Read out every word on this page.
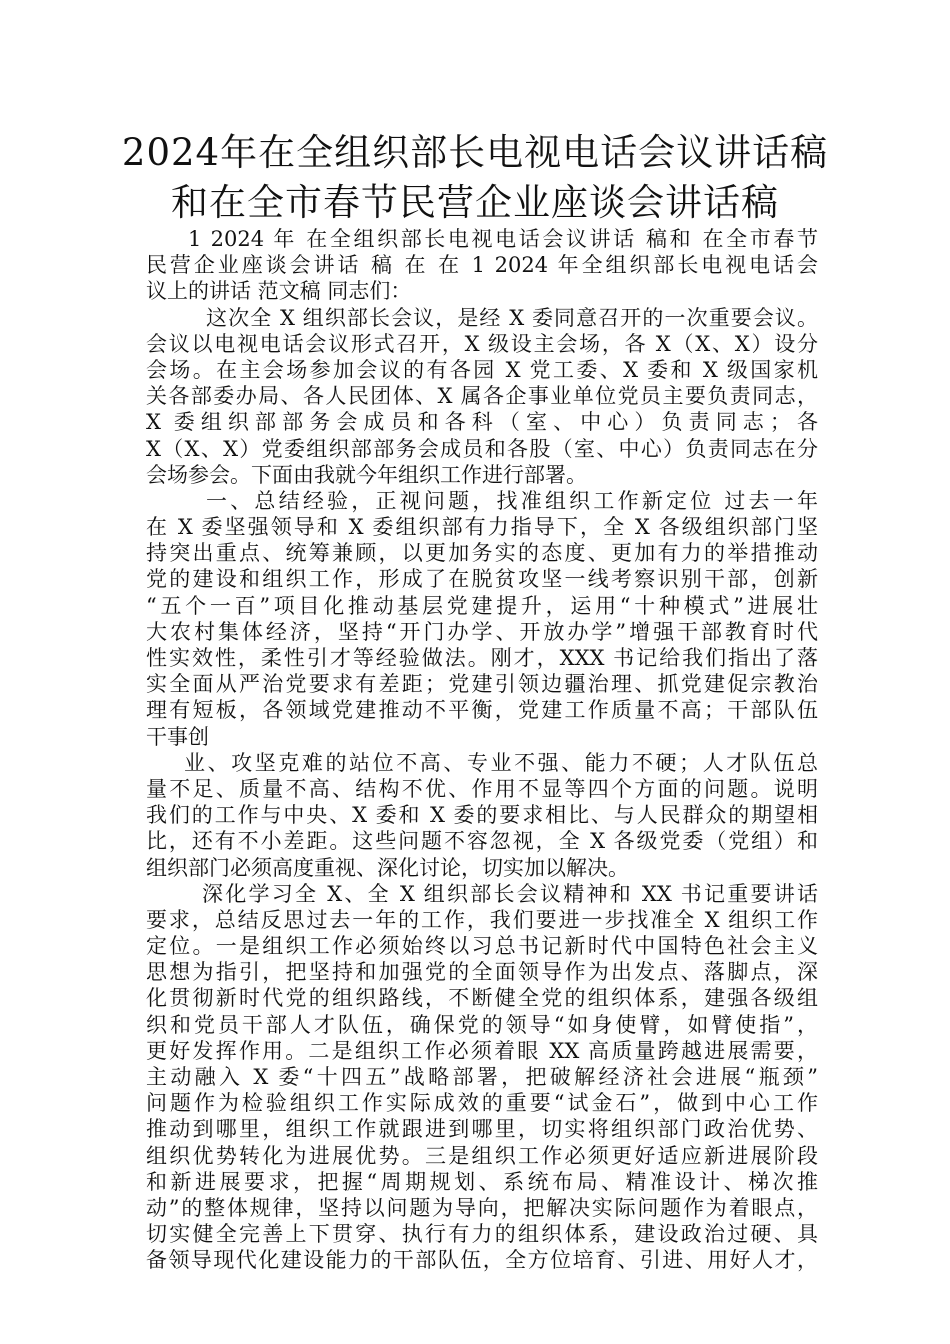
2024年在全组织部长电视电话会议讲话稿
和在全市春节民营企业座谈会讲话稿
1 2024 年 在全组织部长电视电话会议讲话 稿和 在全市春节
民营企业座谈会讲话 稿 在 在 1 2024 年全组织部长电视电话会
议上的讲话 范文稿 同志们：
这次全 X 组织部长会议，是经 X 委同意召开的一次重要会议。
会议以电视电话会议形式召开，X 级设主会场，各 X（X、X）设分
会场。在主会场参加会议的有各园 X 党工委、X 委和 X 级国家机
关各部委办局、各人民团体、X 属各企事业单位党员主要负责同志，
X 委组织部部务会成员和各科（室、中心）负责同志；各
X（X、X）党委组织部部务会成员和各股（室、中心）负责同志在分
会场参会。下面由我就今年组织工作进行部署。
一、总结经验，正视问题，找准组织工作新定位 过去一年
在 X 委坚强领导和 X 委组织部有力指导下，全 X 各级组织部门坚
持突出重点、统筹兼顾，以更加务实的态度、更加有力的举措推动
党的建设和组织工作，形成了在脱贫攻坚一线考察识别干部，创新
“五个一百”项目化推动基层党建提升，运用“十种模式”进展壮
大农村集体经济，坚持“开门办学、开放办学”增强干部教育时代
性实效性，柔性引才等经验做法。刚才，XXX 书记给我们指出了落
实全面从严治党要求有差距；党建引领边疆治理、抓党建促宗教治
理有短板，各领域党建推动不平衡，党建工作质量不高；干部队伍
干事创
业、攻坚克难的站位不高、专业不强、能力不硬；人才队伍总
量不足、质量不高、结构不优、作用不显等四个方面的问题。说明
我们的工作与中央、X 委和 X 委的要求相比、与人民群众的期望相
比，还有不小差距。这些问题不容忽视，全 X 各级党委（党组）和
组织部门必须高度重视、深化讨论，切实加以解决。
深化学习全 X、全 X 组织部长会议精神和 XX 书记重要讲话
要求，总结反思过去一年的工作，我们要进一步找准全 X 组织工作
定位。一是组织工作必须始终以习总书记新时代中国特色社会主义
思想为指引，把坚持和加强党的全面领导作为出发点、落脚点，深
化贯彻新时代党的组织路线，不断健全党的组织体系，建强各级组
织和党员干部人才队伍，确保党的领导“如身使臂，如臂使指”，
更好发挥作用。二是组织工作必须着眼 XX 高质量跨越进展需要，
主动融入 X 委“十四五”战略部署，把破解经济社会进展“瓶颈”
问题作为检验组织工作实际成效的重要“试金石”，做到中心工作
推动到哪里，组织工作就跟进到哪里，切实将组织部门政治优势、
组织优势转化为进展优势。三是组织工作必须更好适应新进展阶段
和新进展要求，把握“周期规划、系统布局、精准设计、梯次推
动”的整体规律，坚持以问题为导向，把解决实际问题作为着眼点，
切实健全完善上下贯穿、执行有力的组织体系，建设政治过硬、具
备领导现代化建设能力的干部队伍，全方位培育、引进、用好人才，
